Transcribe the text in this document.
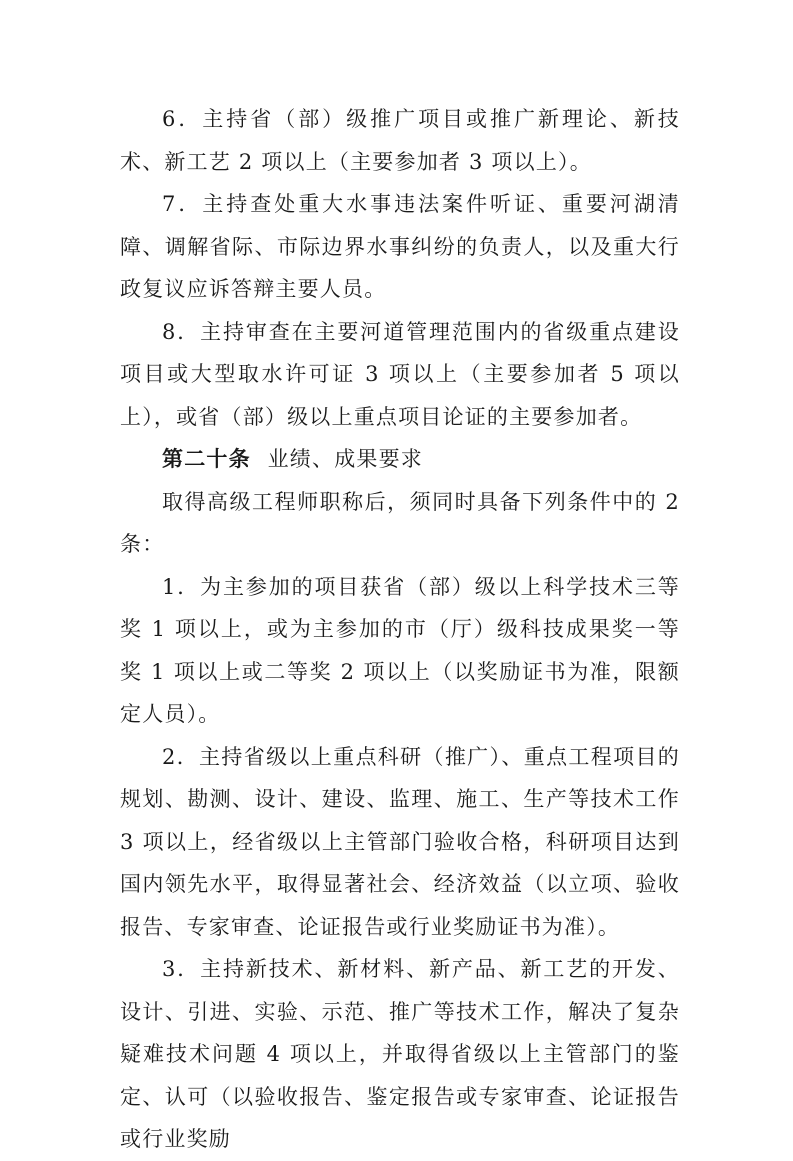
6．主持省（部）级推广项目或推广新理论、新技术、新工艺 2 项以上（主要参加者 3 项以上）。

7．主持查处重大水事违法案件听证、重要河湖清障、调解省际、市际边界水事纠纷的负责人，以及重大行政复议应诉答辩主要人员。

8．主持审查在主要河道管理范围内的省级重点建设项目或大型取水许可证 3 项以上（主要参加者 5 项以上），或省（部）级以上重点项目论证的主要参加者。

第二十条 业绩、成果要求

取得高级工程师职称后，须同时具备下列条件中的 2 条：

1．为主参加的项目获省（部）级以上科学技术三等奖 1 项以上，或为主参加的市（厅）级科技成果奖一等奖 1 项以上或二等奖 2 项以上（以奖励证书为准，限额定人员）。

2．主持省级以上重点科研（推广）、重点工程项目的规划、勘测、设计、建设、监理、施工、生产等技术工作 3 项以上，经省级以上主管部门验收合格，科研项目达到国内领先水平，取得显著社会、经济效益（以立项、验收报告、专家审查、论证报告或行业奖励证书为准）。

3．主持新技术、新材料、新产品、新工艺的开发、设计、引进、实验、示范、推广等技术工作，解决了复杂疑难技术问题 4 项以上，并取得省级以上主管部门的鉴定、认可（以验收报告、鉴定报告或专家审查、论证报告或行业奖励
